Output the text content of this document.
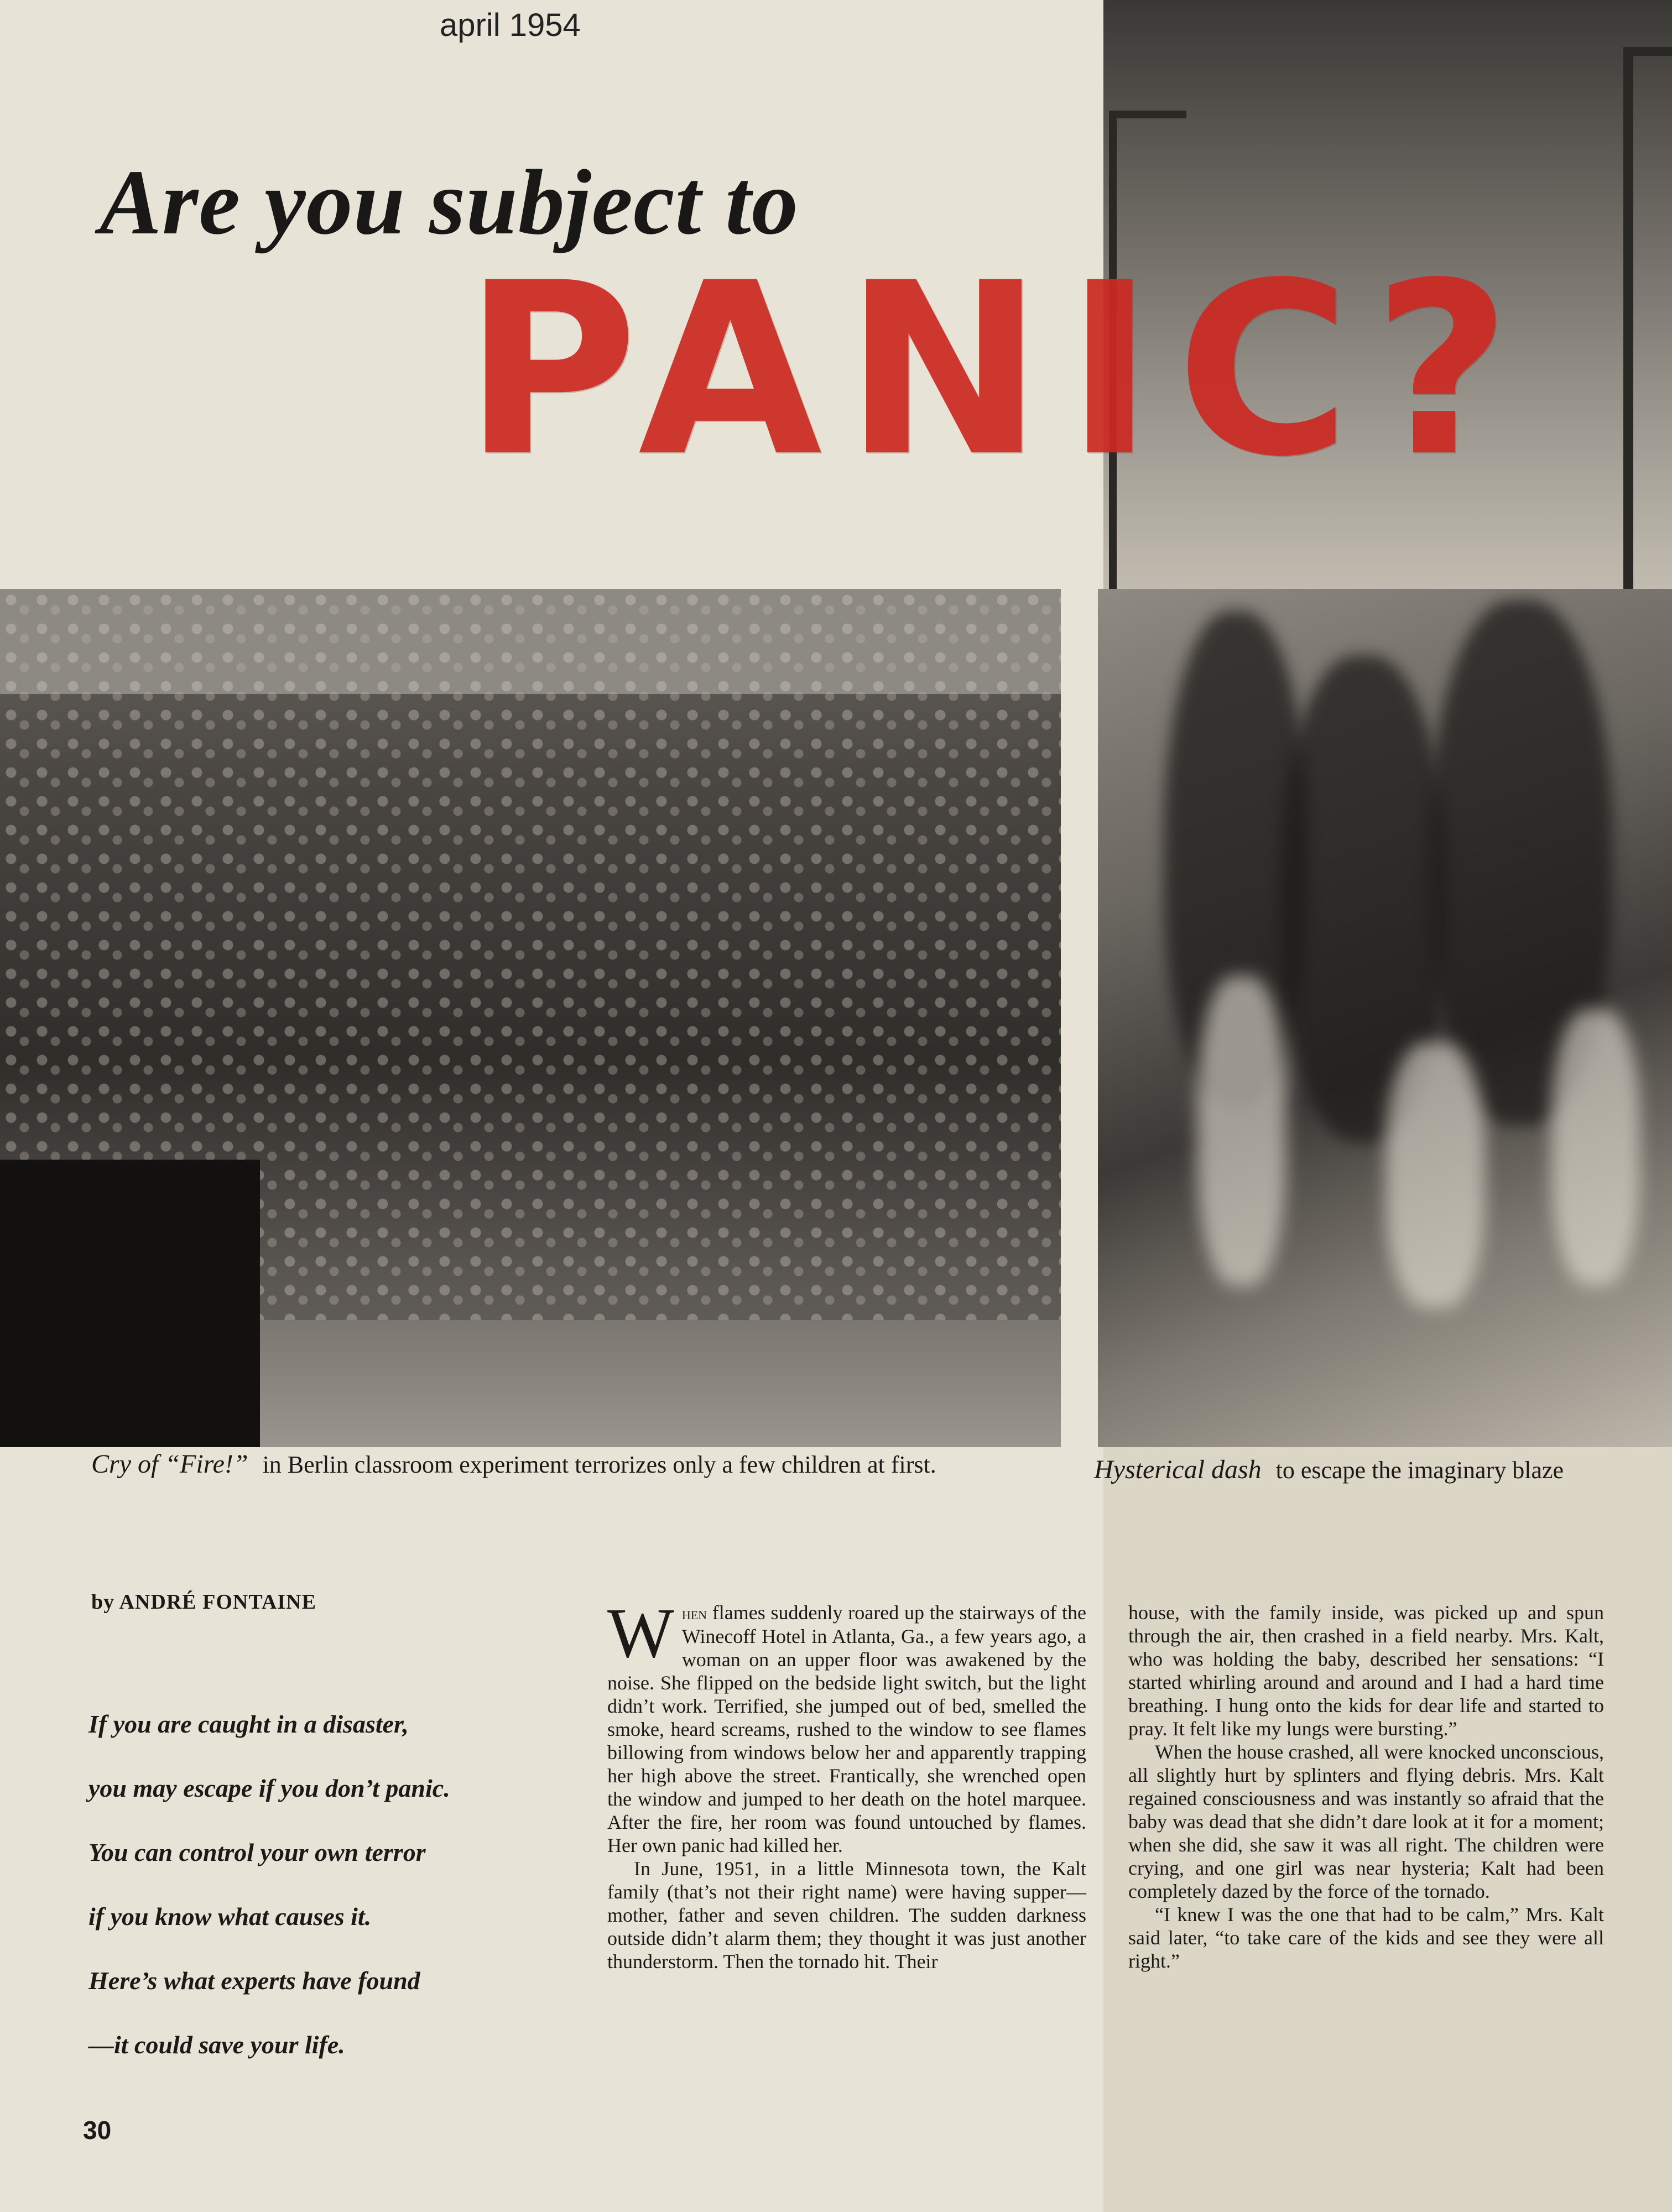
april 1954
Are you subject to
PANIC?
Cry of “Fire!” in Berlin classroom experiment terrorizes only a few children at first.	Hysterical dash to escape the imaginary blaze
by ANDRÉ FONTAINE
If you are caught in a disaster,
you may escape if you don’t panic.
You can control your own terror
if you know what causes it.
Here’s what experts have found
—it could save your life.

When flames suddenly roared up the stairways of the Winecoff Hotel in Atlanta, Ga., a few years ago, a woman on an upper floor was awakened by the noise. She flipped on the bedside light switch, but the light didn’t work. Terrified, she jumped out of bed, smelled the smoke, heard screams, rushed to the window to see flames billowing from windows below her and apparently trapping her high above the street. Frantically, she wrenched open the window and jumped to her death on the hotel marquee. After the fire, her room was found untouched by flames. Her own panic had killed her.

In June, 1951, in a little Minnesota town, the Kalt family (that’s not their right name) were having supper—mother, father and seven children. The sudden darkness outside didn’t alarm them; they thought it was just another thunderstorm. Then the tornado hit. Their

house, with the family inside, was picked up and spun through the air, then crashed in a field nearby. Mrs. Kalt, who was holding the baby, described her sensations: “I started whirling around and around and I had a hard time breathing. I hung onto the kids for dear life and started to pray. It felt like my lungs were bursting.”

When the house crashed, all were knocked unconscious, all slightly hurt by splinters and flying debris. Mrs. Kalt regained consciousness and was instantly so afraid that the baby was dead that she didn’t dare look at it for a moment; when she did, she saw it was all right. The children were crying, and one girl was near hysteria; Kalt had been completely dazed by the force of the tornado.

“I knew I was the one that had to be calm,” Mrs. Kalt said later, “to take care of the kids and see they were all right.”

30
